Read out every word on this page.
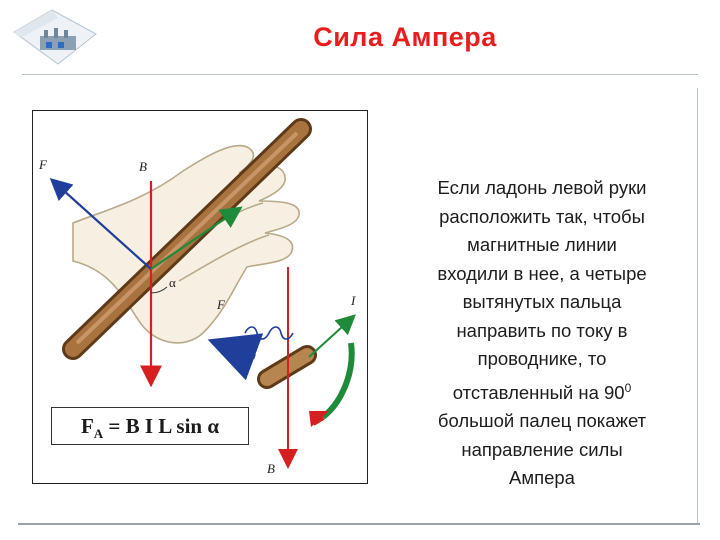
Сила Ампера
F	B
α
F	I
B
$F_A = B$ I L sin α
Если ладонь левой руки
расположить так, чтобы
магнитные линии
входили в нее, а четыре
вытянутых пальца
направить по току в
проводнике, то
отставленный на $90^0$
большой палец покажет
направление силы
Ампера
